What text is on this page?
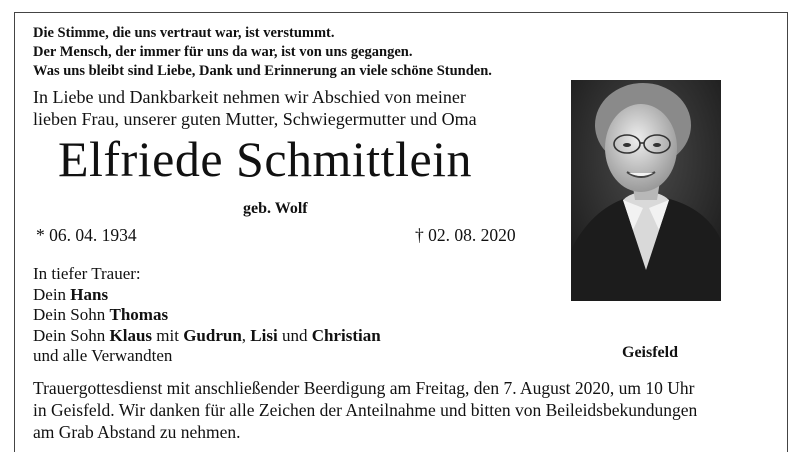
Die Stimme, die uns vertraut war, ist verstummt.
Der Mensch, der immer für uns da war, ist von uns gegangen.
Was uns bleibt sind Liebe, Dank und Erinnerung an viele schöne Stunden.
In Liebe und Dankbarkeit nehmen wir Abschied von meiner
lieben Frau, unserer guten Mutter, Schwiegermutter und Oma
Elfriede Schmittlein
geb. Wolf
* 06. 04. 1934	† 02. 08. 2020
In tiefer Trauer:
Dein Hans
Dein Sohn Thomas
Dein Sohn Klaus mit Gudrun, Lisi und Christian
und alle Verwandten	Geisfeld
Trauergottesdienst mit anschließender Beerdigung am Freitag, den 7. August 2020, um 10 Uhr
in Geisfeld. Wir danken für alle Zeichen der Anteilnahme und bitten von Beileidsbekundungen
am Grab Abstand zu nehmen.
